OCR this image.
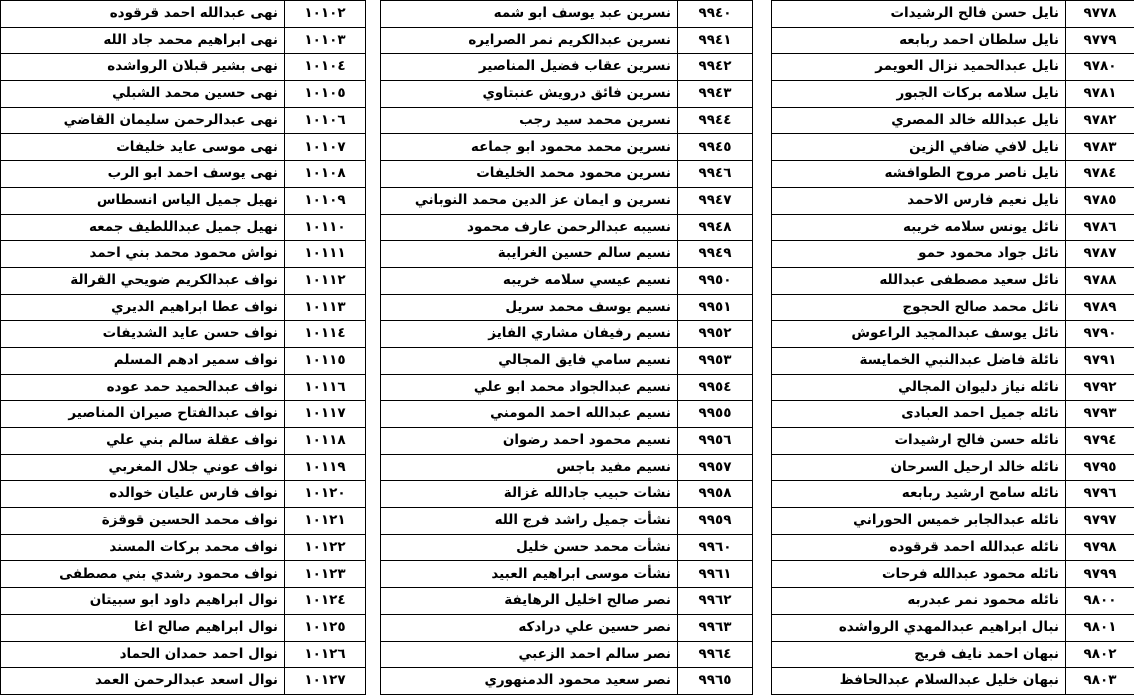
٩٧٧٨	نايل حسن فالح الرشيدات
٩٧٧٩	نايل سلطان احمد ربابعه
٩٧٨٠	نايل عبدالحميد نزال العويمر
٩٧٨١	نايل سلامه بركات الجبور
٩٧٨٢	نايل عبدالله خالد المصري
٩٧٨٣	نايل لافي ضافي الزين
٩٧٨٤	نايل ناصر مروح الطوافشه
٩٧٨٥	نايل نعيم فارس الاحمد
٩٧٨٦	نائل يونس سلامه خريبه
٩٧٨٧	نائل جواد محمود حمو
٩٧٨٨	نائل سعيد مصطفى عبدالله
٩٧٨٩	نائل محمد صالح الحجوج
٩٧٩٠	نائل يوسف عبدالمجيد الراعوش
٩٧٩١	نائلة فاضل عبدالنبي الخمايسة
٩٧٩٢	نائله نياز دليوان المجالي
٩٧٩٣	نائله جميل احمد العبادى
٩٧٩٤	نائله حسن فالح ارشيدات
٩٧٩٥	نائله خالد ارحيل السرحان
٩٧٩٦	نائله سامح ارشيد ربابعه
٩٧٩٧	نائله عبدالجابر خميس الحوراني
٩٧٩٨	نائله عبدالله احمد قرقوده
٩٧٩٩	نائله محمود عبدالله فرحات
٩٨٠٠	نائله محمود نمر عبدربه
٩٨٠١	نبال ابراهيم عبدالمهدي الرواشده
٩٨٠٢	نبهان احمد نايف فريج
٩٨٠٣	نبهان خليل عبدالسلام عبدالحافظ
٩٩٤٠	نسرين عبد يوسف ابو شمه
٩٩٤١	نسرين عبدالكريم نمر الصرايره
٩٩٤٢	نسرين عقاب فضيل المناصير
٩٩٤٣	نسرين فائق درويش عنبتاوي
٩٩٤٤	نسرين محمد سيد رجب
٩٩٤٥	نسرين محمد محمود ابو جماعه
٩٩٤٦	نسرين محمود محمد الخليفات
٩٩٤٧	نسرين و ايمان عز الدين محمد النوباني
٩٩٤٨	نسيبه عبدالرحمن عارف محمود
٩٩٤٩	نسيم سالم حسين الغرايبة
٩٩٥٠	نسيم عيسي سلامه خريبه
٩٩٥١	نسيم يوسف محمد سريل
٩٩٥٢	نسيم رفيفان مشاري الفايز
٩٩٥٣	نسيم سامي فايق المجالي
٩٩٥٤	نسيم عبدالجواد محمد ابو علي
٩٩٥٥	نسيم عبدالله احمد المومني
٩٩٥٦	نسيم محمود احمد رضوان
٩٩٥٧	نسيم مفيد باجس
٩٩٥٨	نشات حبيب جادالله غزالة
٩٩٥٩	نشأت جميل راشد فرج الله
٩٩٦٠	نشأت محمد حسن خليل
٩٩٦١	نشأت موسى ابراهيم العبيد
٩٩٦٢	نصر صالح اخليل الرهايفة
٩٩٦٣	نصر حسين علي درادكه
٩٩٦٤	نصر سالم احمد الزعبي
٩٩٦٥	نصر سعيد محمود الدمنهوري
١٠١٠٢	نهى عبدالله احمد قرقوده
١٠١٠٣	نهى ابراهيم محمد جاد الله
١٠١٠٤	نهى بشير قبلان الرواشده
١٠١٠٥	نهى حسين محمد الشبلي
١٠١٠٦	نهى عبدالرحمن سليمان القاضي
١٠١٠٧	نهى موسى عايد خليفات
١٠١٠٨	نهى يوسف احمد ابو الرب
١٠١٠٩	نهيل جميل الياس انسطاس
١٠١١٠	نهيل جميل عبداللطيف جمعه
١٠١١١	نواش محمود محمد بني احمد
١٠١١٢	نواف عبدالكريم ضويحي القرالة
١٠١١٣	نواف عطا ابراهيم الديري
١٠١١٤	نواف حسن عايد الشديفات
١٠١١٥	نواف سمير ادهم المسلم
١٠١١٦	نواف عبدالحميد حمد عوده
١٠١١٧	نواف عبدالفتاح صيران المناصير
١٠١١٨	نواف عقلة سالم بني علي
١٠١١٩	نواف عوني جلال المغربي
١٠١٢٠	نواف فارس عليان خوالده
١٠١٢١	نواف محمد الحسين قوقزة
١٠١٢٢	نواف محمد بركات المسند
١٠١٢٣	نواف محمود رشدي بني مصطفى
١٠١٢٤	نوال ابراهيم داود ابو سبيتان
١٠١٢٥	نوال ابراهيم صالح اغا
١٠١٢٦	نوال احمد حمدان الحماد
١٠١٢٧	نوال اسعد عبدالرحمن العمد
